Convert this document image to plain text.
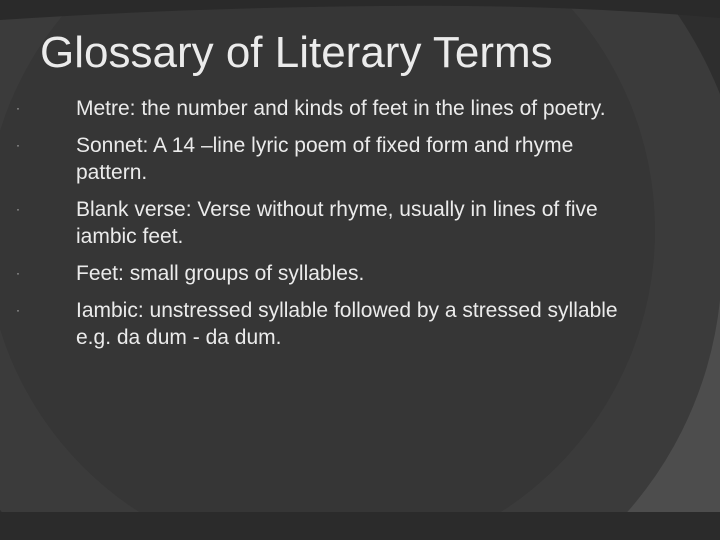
Glossary of Literary Terms
·	Metre: the number and kinds of feet in the lines of poetry.
·	Sonnet: A 14 –line lyric poem of fixed form and rhyme pattern.
·	Blank verse: Verse without rhyme, usually in lines of five iambic feet.
·	Feet: small groups of syllables.
·	Iambic: unstressed syllable followed by a stressed syllable e.g. da dum - da dum.
